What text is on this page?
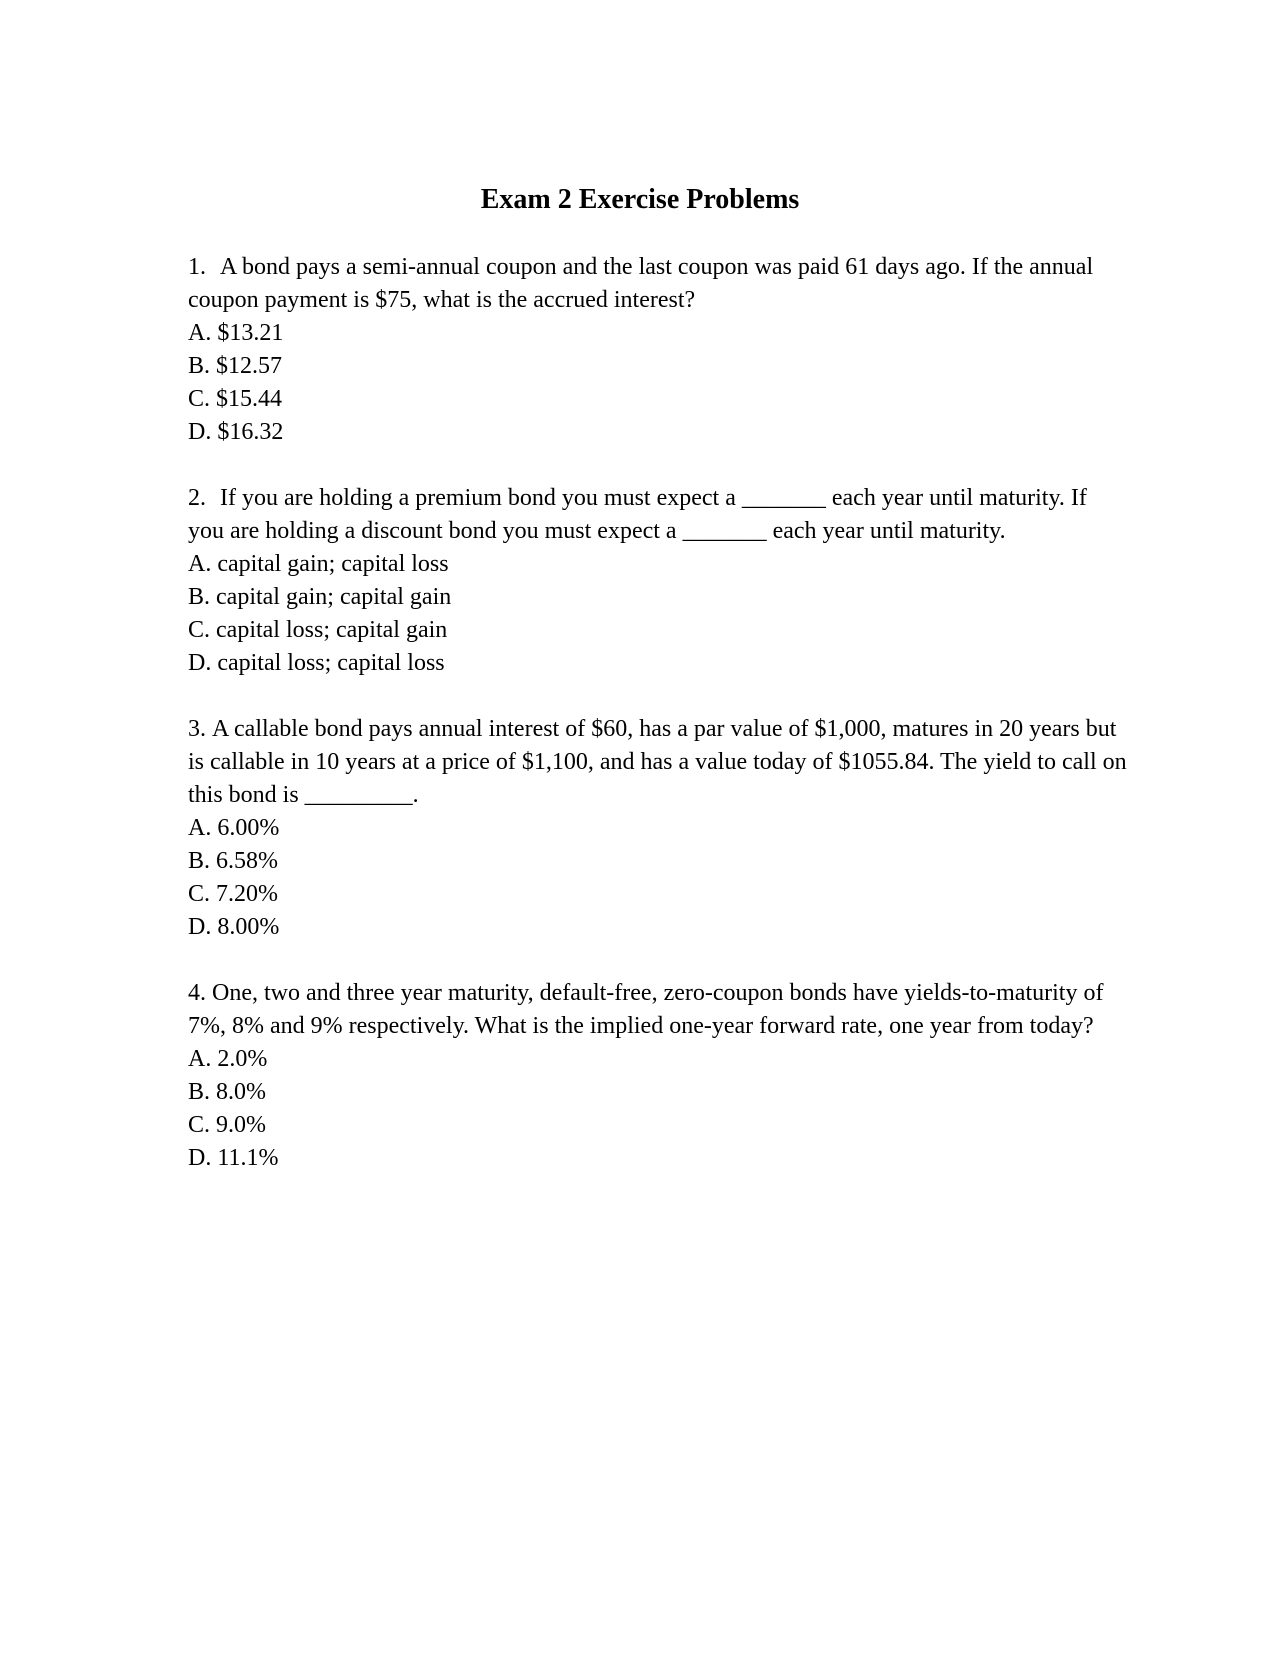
Exam 2 Exercise Problems

1. A bond pays a semi-annual coupon and the last coupon was paid 61 days ago. If the annual coupon payment is $75, what is the accrued interest?

A. $13.21
B. $12.57
C. $15.44
D. $16.32

2. If you are holding a premium bond you must expect a _______ each year until maturity. If you are holding a discount bond you must expect a _______ each year until maturity.

A. capital gain; capital loss
B. capital gain; capital gain
C. capital loss; capital gain
D. capital loss; capital loss

3. A callable bond pays annual interest of $60, has a par value of $1,000, matures in 20 years but is callable in 10 years at a price of $1,100, and has a value today of $1055.84. The yield to call on this bond is _________.

A. 6.00%
B. 6.58%
C. 7.20%
D. 8.00%

4. One, two and three year maturity, default-free, zero-coupon bonds have yields-to-maturity of 7%, 8% and 9% respectively. What is the implied one-year forward rate, one year from today?

A. 2.0%
B. 8.0%
C. 9.0%
D. 11.1%
